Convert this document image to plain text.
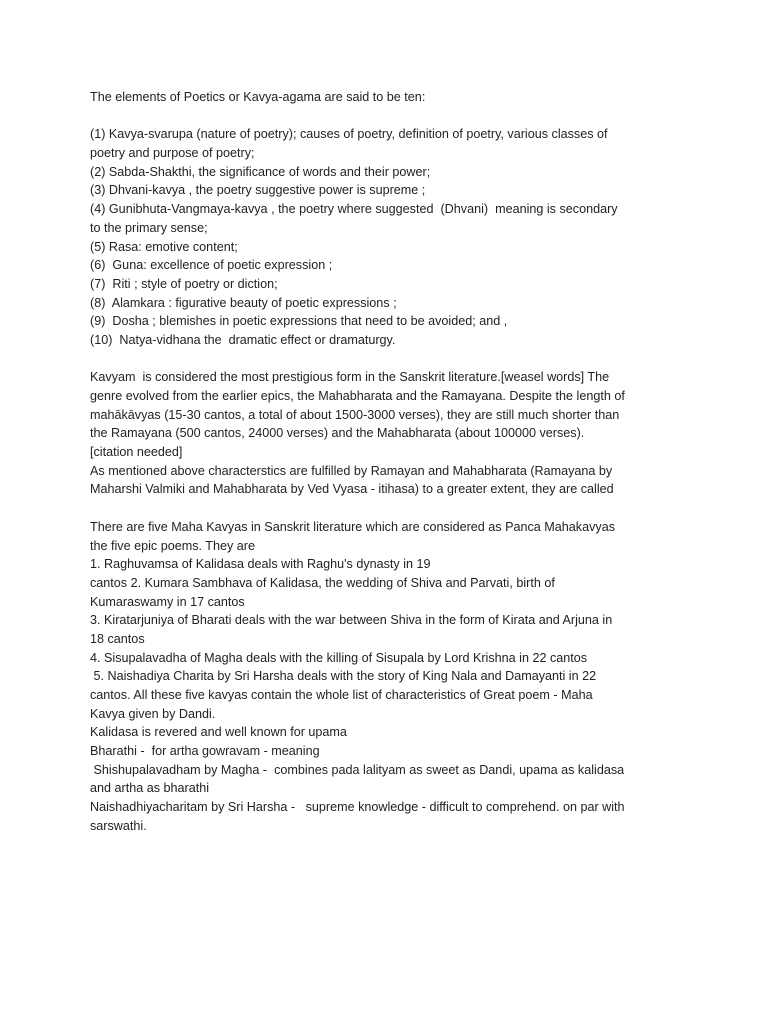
The elements of Poetics or Kavya-agama are said to be ten:
(1) Kavya-svarupa (nature of poetry); causes of poetry, definition of poetry, various classes of
poetry and purpose of poetry;
(2) Sabda-Shakthi, the significance of words and their power;
(3) Dhvani-kavya , the poetry suggestive power is supreme ;
(4) Gunibhuta-Vangmaya-kavya , the poetry where suggested  (Dhvani)  meaning is secondary
to the primary sense;
(5) Rasa: emotive content;
(6)  Guna: excellence of poetic expression ;
(7)  Riti ; style of poetry or diction;
(8)  Alamkara : figurative beauty of poetic expressions ;
(9)  Dosha ; blemishes in poetic expressions that need to be avoided; and ,
(10)  Natya-vidhana the  dramatic effect or dramaturgy.
Kavyam  is considered the most prestigious form in the Sanskrit literature.[weasel words] The
genre evolved from the earlier epics, the Mahabharata and the Ramayana. Despite the length of
mahākāvyas (15-30 cantos, a total of about 1500-3000 verses), they are still much shorter than
the Ramayana (500 cantos, 24000 verses) and the Mahabharata (about 100000 verses).
[citation needed]
As mentioned above characterstics are fulfilled by Ramayan and Mahabharata (Ramayana by
Maharshi Valmiki and Mahabharata by Ved Vyasa - itihasa) to a greater extent, they are called
There are five Maha Kavyas in Sanskrit literature which are considered as Panca Mahakavyas
the five epic poems. They are
1. Raghuvamsa of Kalidasa deals with Raghu's dynasty in 19
cantos 2. Kumara Sambhava of Kalidasa, the wedding of Shiva and Parvati, birth of
Kumaraswamy in 17 cantos
3. Kiratarjuniya of Bharati deals with the war between Shiva in the form of Kirata and Arjuna in
18 cantos
4. Sisupalavadha of Magha deals with the killing of Sisupala by Lord Krishna in 22 cantos
5. Naishadiya Charita by Sri Harsha deals with the story of King Nala and Damayanti in 22
cantos. All these five kavyas contain the whole list of characteristics of Great poem - Maha
Kavya given by Dandi.
Kalidasa is revered and well known for upama
Bharathi -  for artha gowravam - meaning
Shishupalavadham by Magha -  combines pada lalityam as sweet as Dandi, upama as kalidasa
and artha as bharathi
Naishadhiyacharitam by Sri Harsha -   supreme knowledge - difficult to comprehend. on par with
sarswathi.
